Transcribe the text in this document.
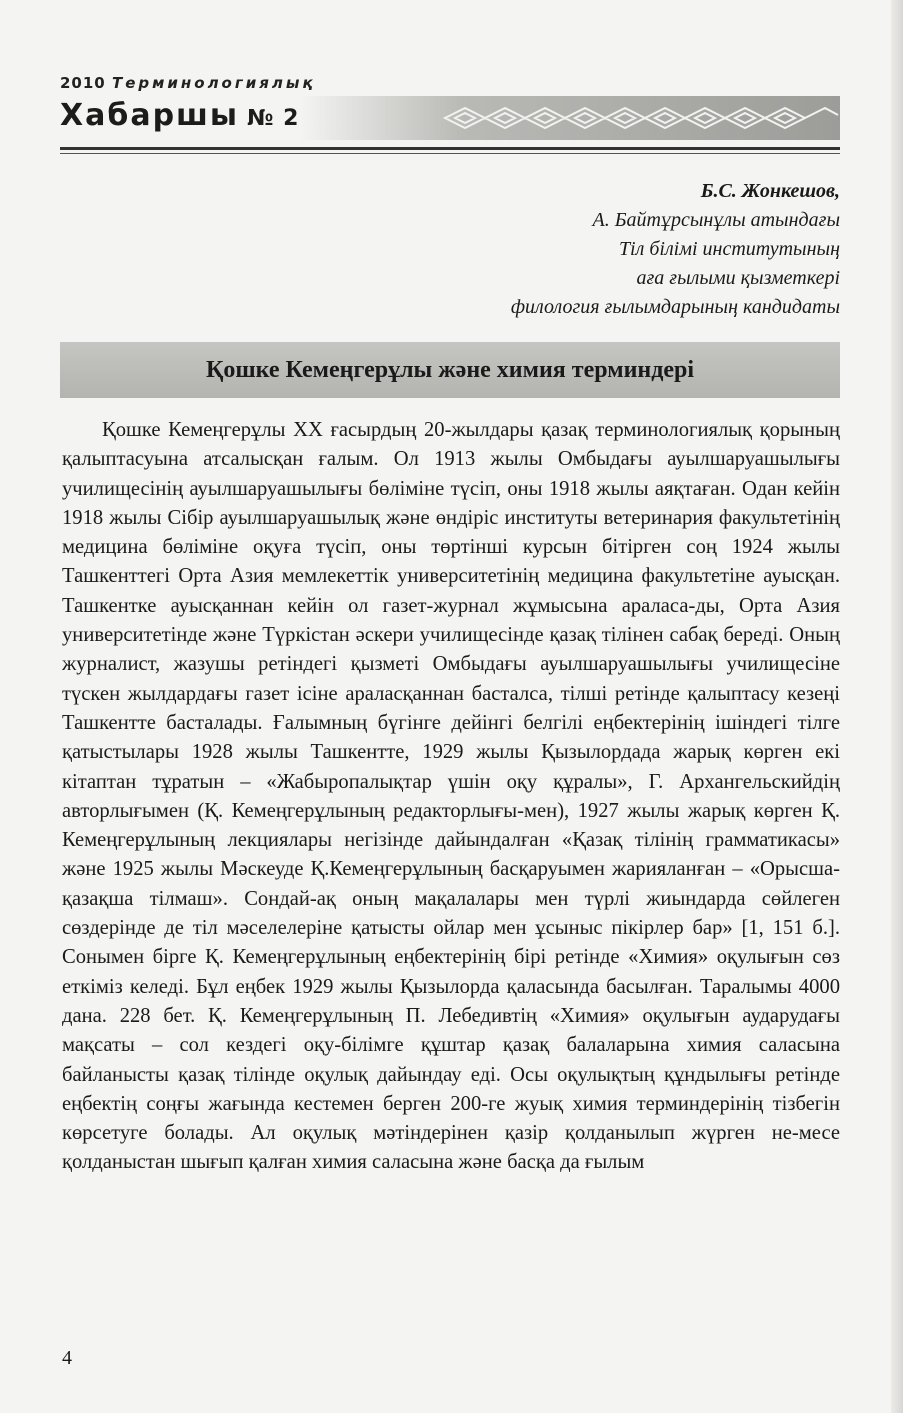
2010 Терминологиялық
Хабаршы № 2
Б.С. Жонкешов,
А. Байтұрсынұлы атындағы
Тіл білімі институтының
аға ғылыми қызметкері
филология ғылымдарының кандидаты
Қошке Кемеңгерұлы және химия терминдері

Қошке Кемеңгерұлы XX ғасырдың 20-жылдары қазақ терминологиялық қорының қалыптасуына атсалысқан ғалым. Ол 1913 жылы Омбыдағы ауылшаруашылығы училищесінің ауылшаруашылығы бөліміне түсіп, оны 1918 жылы аяқтаған. Одан кейін 1918 жылы Сібір ауылшаруашылық және өндіріс институты ветеринария факультетінің медицина бөліміне оқуға түсіп, оны төртінші курсын бітірген соң 1924 жылы Ташкенттегі Орта Азия мемлекеттік университетінің медицина факультетіне ауысқан. Ташкентке ауысқаннан кейін ол газет-журнал жұмысына араласа-ды, Орта Азия университетінде және Түркістан әскери училищесінде қазақ тілінен сабақ береді. Оның журналист, жазушы ретіндегі қызметі Омбыдағы ауылшаруашылығы училищесіне түскен жылдардағы газет ісіне араласқаннан басталса, тілші ретінде қалыптасу кезеңі Ташкентте басталады. Ғалымның бүгінге дейінгі белгілі еңбектерінің ішіндегі тілге қатыстылары 1928 жылы Ташкентте, 1929 жылы Қызылордада жарық көрген екі кітаптан тұратын – «Жабыропалықтар үшін оқу құралы», Г. Архангельскийдің авторлығымен (Қ. Кемеңгерұлының редакторлығы-мен), 1927 жылы жарық көрген Қ. Кемеңгерұлының лекциялары негізінде дайындалған «Қазақ тілінің грамматикасы» және 1925 жылы Мәскеуде Қ.Кемеңгерұлының басқаруымен жарияланған – «Орысша-қазақша тілмаш». Сондай-ақ оның мақалалары мен түрлі жиындарда сөйлеген сөздерінде де тіл мәселелеріне қатысты ойлар мен ұсыныс пікірлер бар» [1, 151 б.]. Сонымен бірге Қ. Кемеңгерұлының еңбектерінің бірі ретінде «Химия» оқулығын сөз еткіміз келеді. Бұл еңбек 1929 жылы Қызылорда қаласында басылған. Таралымы 4000 дана. 228 бет. Қ. Кемеңгерұлының П. Лебедивтің «Химия» оқулығын аударудағы мақсаты – сол кездегі оқу-білімге құштар қазақ балаларына химия саласына байланысты қазақ тілінде оқулық дайындау еді. Осы оқулықтың құндылығы ретінде еңбектің соңғы жағында кестемен берген 200-ге жуық химия терминдерінің тізбегін көрсетуге болады. Ал оқулық мәтіндерінен қазір қолданылып жүрген не-месе қолданыстан шығып қалған химия саласына және басқа да ғылым

4
